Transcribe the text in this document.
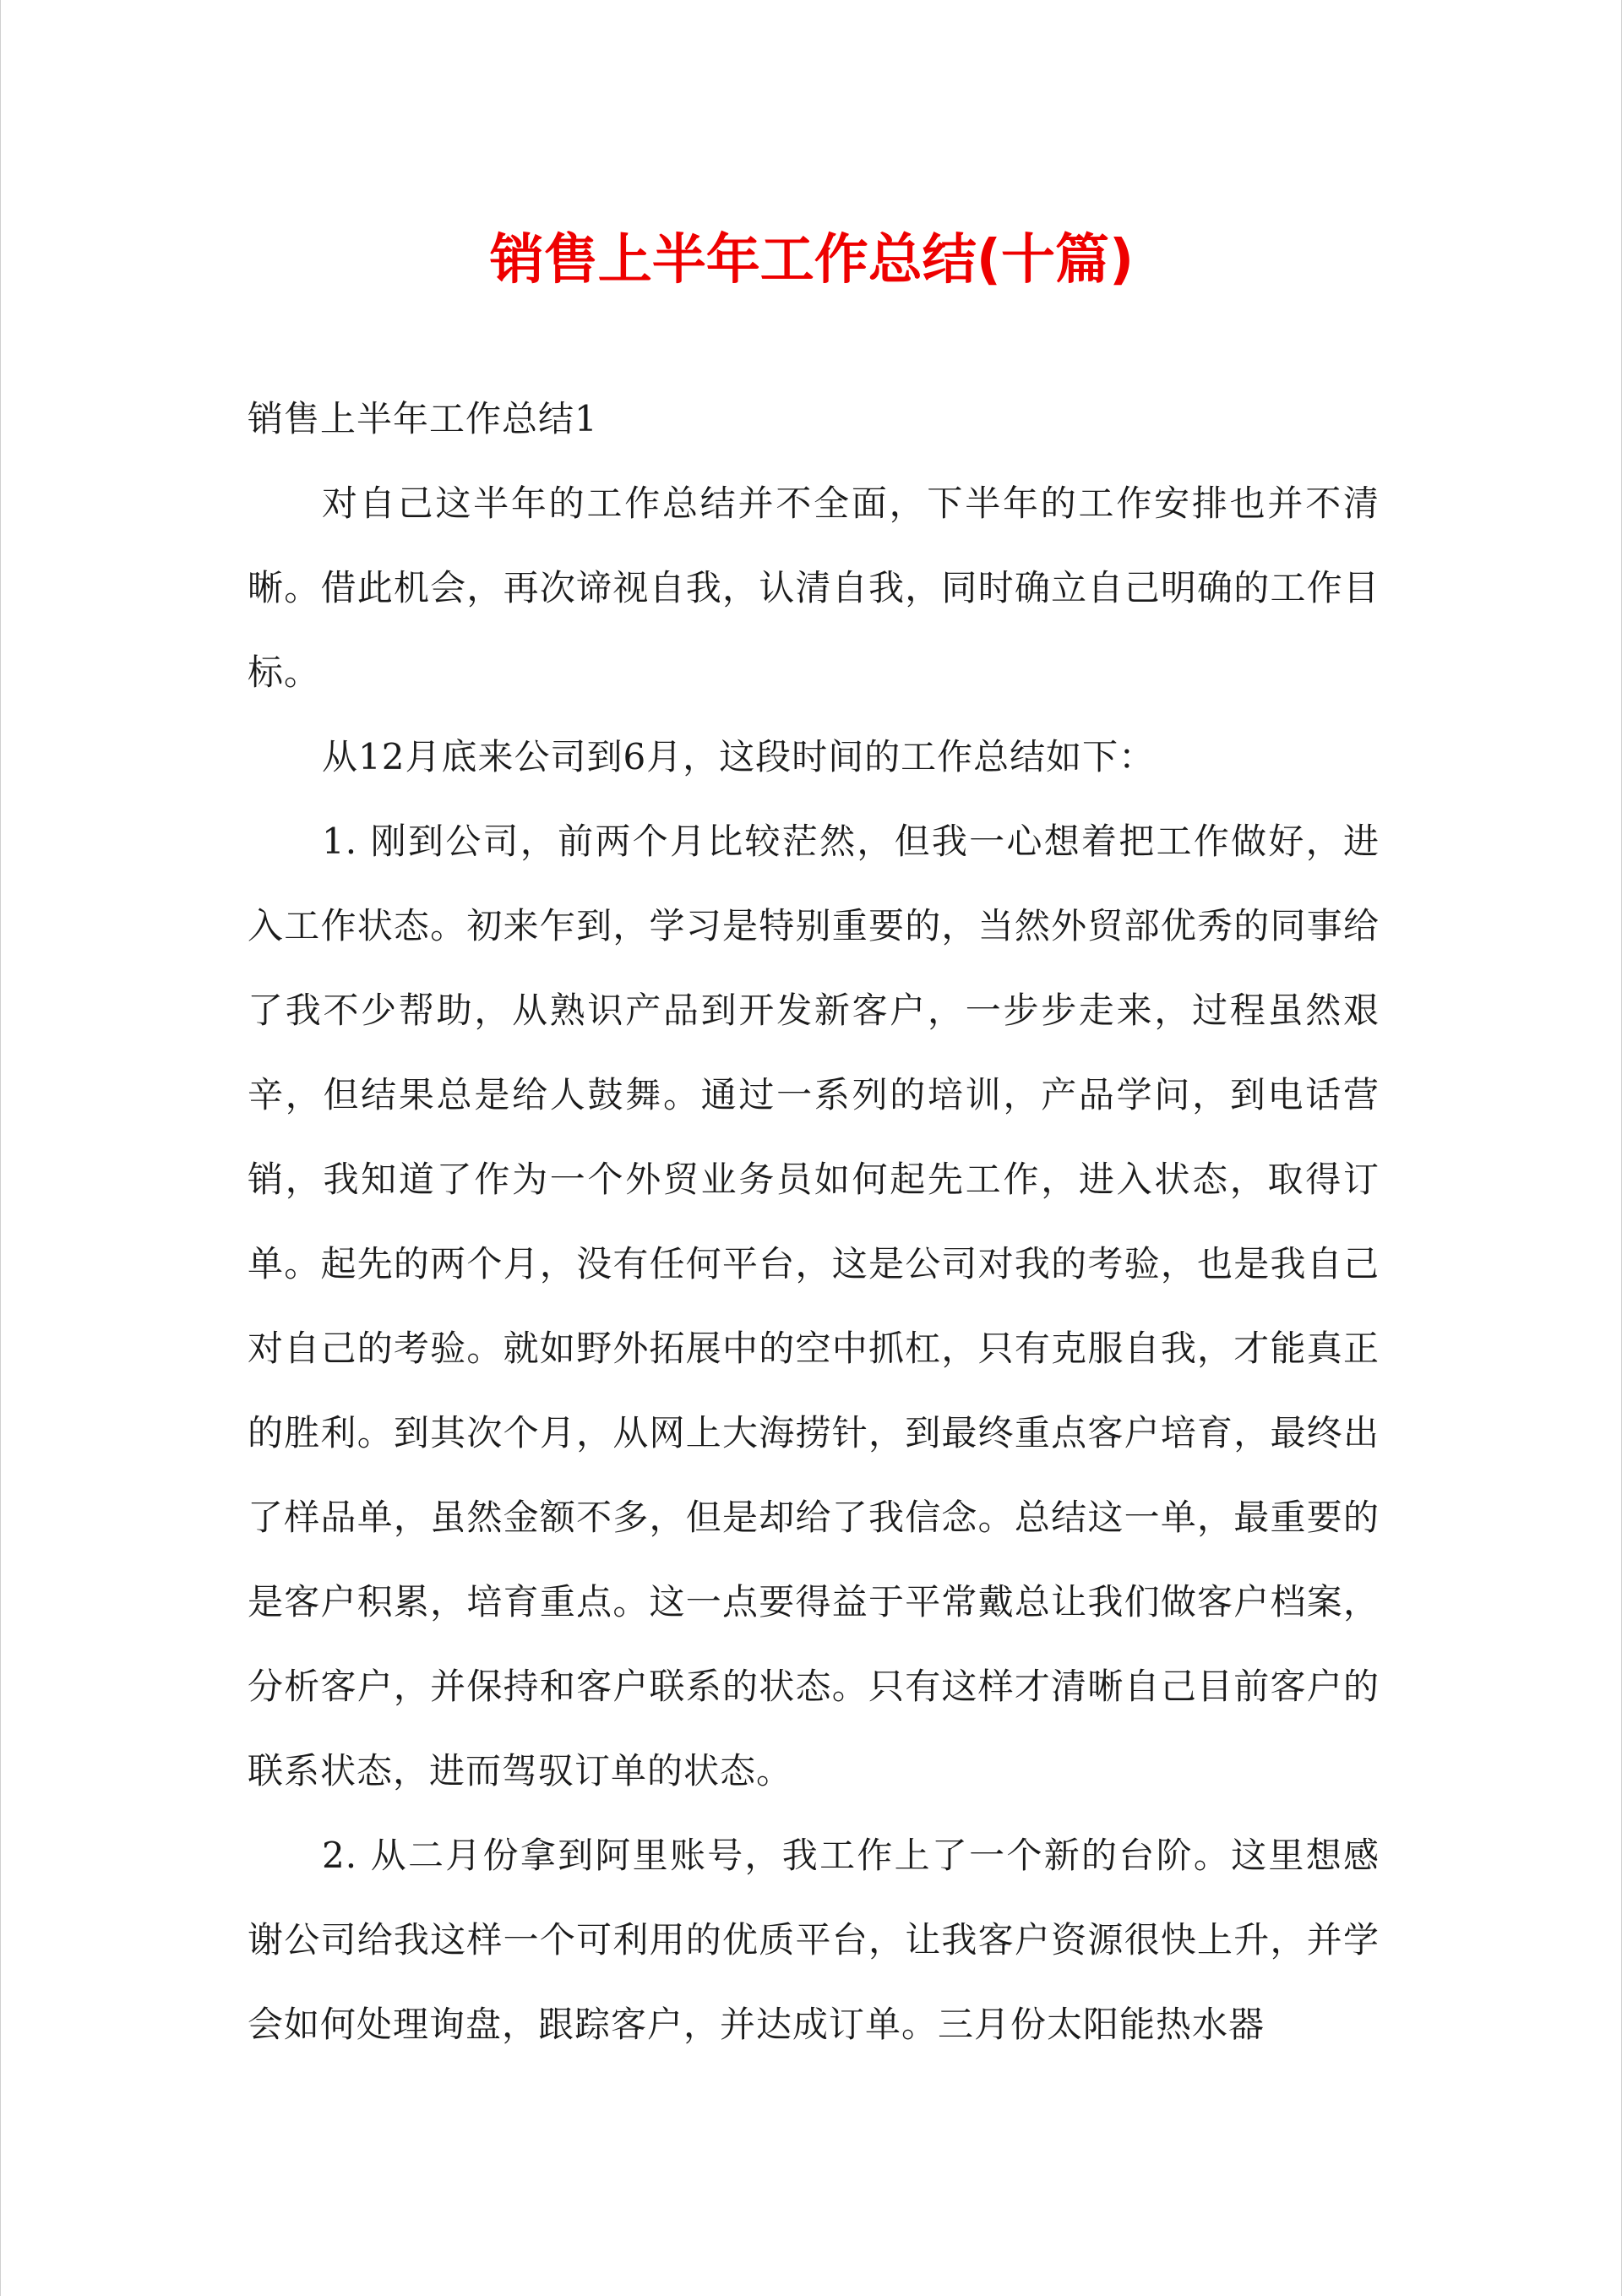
销售上半年工作总结(十篇)

销售上半年工作总结1

对自己这半年的工作总结并不全面，下半年的工作安排也并不清晰。借此机会，再次谛视自我，认清自我，同时确立自己明确的工作目标。

从12月底来公司到6月，这段时间的工作总结如下：

1. 刚到公司，前两个月比较茫然，但我一心想着把工作做好，进入工作状态。初来乍到，学习是特别重要的，当然外贸部优秀的同事给了我不少帮助，从熟识产品到开发新客户，一步步走来，过程虽然艰辛，但结果总是给人鼓舞。通过一系列的培训，产品学问，到电话营销，我知道了作为一个外贸业务员如何起先工作，进入状态，取得订单。起先的两个月，没有任何平台，这是公司对我的考验，也是我自己对自己的考验。就如野外拓展中的空中抓杠，只有克服自我，才能真正的胜利。到其次个月，从网上大海捞针，到最终重点客户培育，最终出了样品单，虽然金额不多，但是却给了我信念。总结这一单，最重要的是客户积累，培育重点。这一点要得益于平常戴总让我们做客户档案，分析客户，并保持和客户联系的状态。只有这样才清晰自己目前客户的联系状态，进而驾驭订单的状态。

2. 从二月份拿到阿里账号，我工作上了一个新的台阶。这里想感谢公司给我这样一个可利用的优质平台，让我客户资源很快上升，并学会如何处理询盘，跟踪客户，并达成订单。三月份太阳能热水器
